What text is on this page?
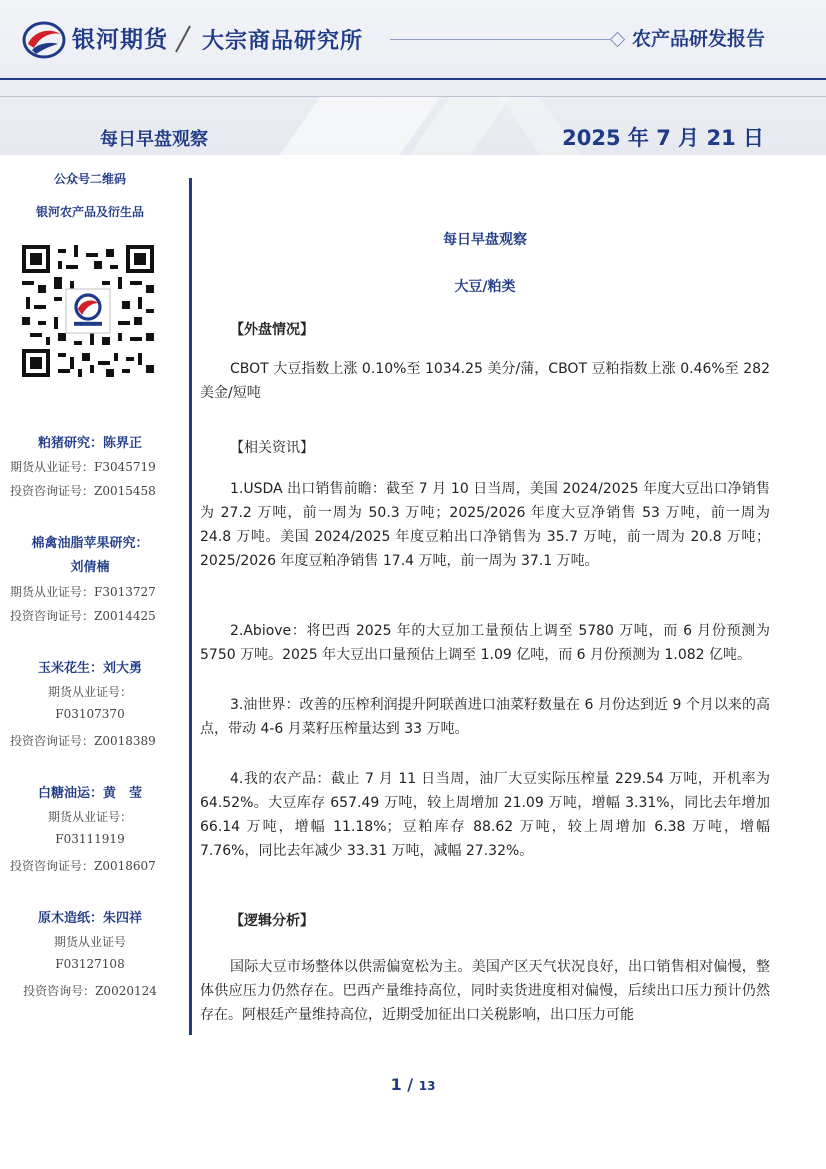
银河期货 大宗商品研究所	农产品研发报告
每日早盘观察	2025 年 7 月 21 日
公众号二维码
银河农产品及衍生品
粕猪研究：陈界正
期货从业证号：F3045719
投资咨询证号：Z0015458
棉禽油脂苹果研究：
刘倩楠
期货从业证号：F3013727
投资咨询证号：Z0014425
玉米花生：刘大勇
期货从业证号：
F03107370
投资咨询证号：Z0018389
白糖油运：黄　莹
期货从业证号：
F03111919
投资咨询证号：Z0018607
原木造纸：朱四祥
期货从业证号
F03127108
投资咨询号：Z0020124
每日早盘观察
大豆/粕类
【外盘情况】

CBOT 大豆指数上涨 0.10%至 1034.25 美分/蒲，CBOT 豆粕指数上涨 0.46%至 282 美金/短吨

【相关资讯】

1.USDA 出口销售前瞻：截至 7 月 10 日当周，美国 2024/2025 年度大豆出口净销售为 27.2 万吨，前一周为 50.3 万吨；2025/2026 年度大豆净销售 53 万吨，前一周为 24.8 万吨。美国 2024/2025 年度豆粕出口净销售为 35.7 万吨，前一周为 20.8 万吨；2025/2026 年度豆粕净销售 17.4 万吨，前一周为 37.1 万吨。

2.Abiove：将巴西 2025 年的大豆加工量预估上调至 5780 万吨，而 6 月份预测为 5750 万吨。2025 年大豆出口量预估上调至 1.09 亿吨，而 6 月份预测为 1.082 亿吨。

3.油世界：改善的压榨利润提升阿联酋进口油菜籽数量在 6 月份达到近 9 个月以来的高点，带动 4-6 月菜籽压榨量达到 33 万吨。

4.我的农产品：截止 7 月 11 日当周，油厂大豆实际压榨量 229.54 万吨，开机率为 64.52%。大豆库存 657.49 万吨，较上周增加 21.09 万吨，增幅 3.31%，同比去年增加 66.14 万吨，增幅 11.18%；豆粕库存 88.62 万吨，较上周增加 6.38 万吨，增幅 7.76%，同比去年减少 33.31 万吨，减幅 27.32%。

【逻辑分析】

国际大豆市场整体以供需偏宽松为主。美国产区天气状况良好，出口销售相对偏慢，整体供应压力仍然存在。巴西产量维持高位，同时卖货进度相对偏慢，后续出口压力预计仍然存在。阿根廷产量维持高位，近期受加征出口关税影响，出口压力可能

1 / 13
